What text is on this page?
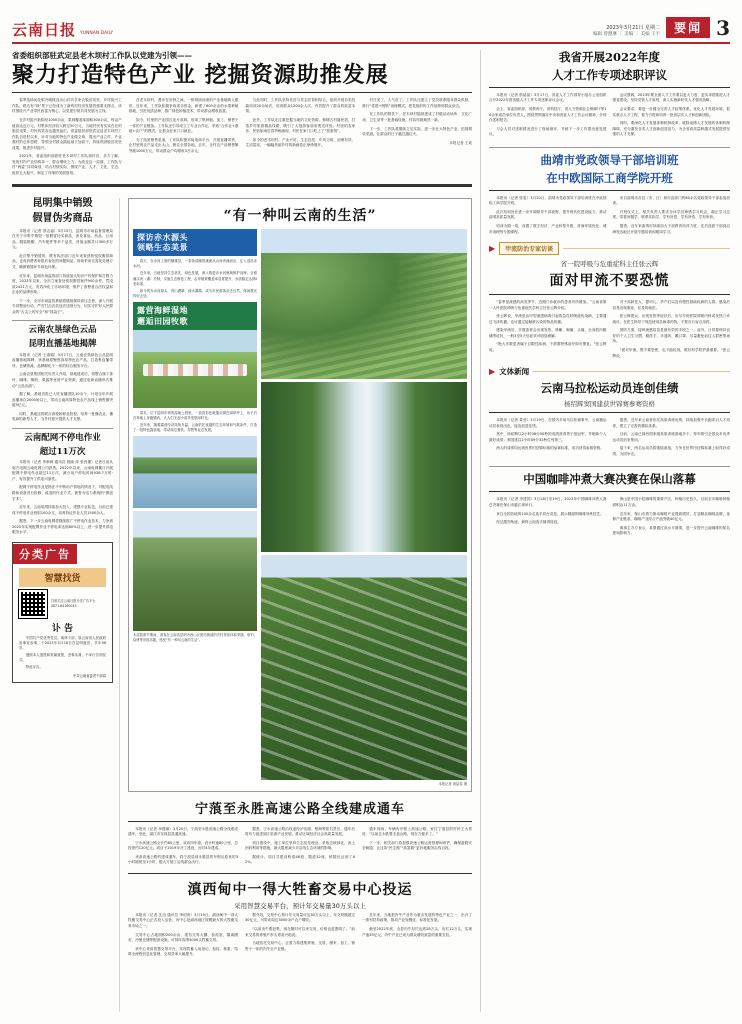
云南日报 YUNNAN DAILY
2023年3月21日 星期二
编辑 曾滟淋 ｜ 美编 ｜ 美编 王宇	要闻 3
省委组织部驻武定县老木坝村工作队以党建为引领——
聚力打造特色产业 挖掘资源助推发展

春季造绿闲花银冷暖桃连出山村共享来农脱贫攻坚，乡村振兴工作队，路边有“绿”景下已经成为了新的村经济发展的重要支撑点，该村围绕兴产业带民致富为核心，以党建引领共同发展为主线。

在乡村振兴新阶段1000余亩，果林覆盖率面积300余亩，每亩产值高达近万元，村集体经济收入跨过50万元，当地村民有实实在在的脱贫成果，村民的笑容也越发灿烂。省委组织部驻武定县老木坝村工作队自进驻以来，针对当地的特色产业做文章，提出产业立村、产业强村的总体思路，带领全村群众撸起袖子加油干，持续巩固脱贫攻坚成果，推进乡村振兴。

2021年，省委组织部派驻老木坝村工作队到村后，多方了解，发现村内产业结构单一，群众增收乏力。为改变这一局面，工作队与村“两委”共同谋划，结合村情实际，围绕产业、人才、文化、生态、组织五大振兴，制定了详细的发展规划。

在老木坝村，漫步在田野之间，一排排绿油油的产业基地映入眼帘。近年来，工作队积极争取项目资金，新建了600余亩的水果种植基地，引进优质品种，推广绿色种植技术，带动群众增收致富。

如今，村里的产业园区连片成林，形成了集种植、加工、销售于一体的产业链条。工作队还引导成立了专业合作社，采取“合作社+基地+农户”的模式，让群众在家门口就业。

为了拓宽销售渠道，工作队积极对接电商平台，开展直播带货，让村里的农产品走出大山，销往全国各地。去年，全村农产品销售额突破1000万元，带动群众户均增收3万余元。

与此同时，工作队坚持扶贫与扶志扶智相结合，组织开展各类技能培训20余场次，培训群众1200余人次，有效提升了群众的致富本领。

此外，工作队还注重挖掘当地的文化资源，修缮古村落民居，打造乡村旅游精品线路，吸引了大批游客前来观光体验。村里的农家乐、民宿如雨后春笋般涌现，村民在家门口吃上了“旅游饭”。

如今的老木坝村，产业兴旺、生态宜居、乡风文明、治理有效、生活富裕，一幅幅美丽乡村的新画卷正徐徐展开。

村庄美了，人气旺了。工作队还建立了党员联系服务群众机制，推行“党建+网格”治理模式，把党组织的工作延伸到群众身边。

在工作队的帮扶下，老木坝村陆续建成了村级活动场所、文化广场、卫生室等一批基础设施，村容村貌焕然一新。

下一步，工作队将继续立足实际，进一步壮大特色产业，拓展增收渠道，让群众的日子越过越红火。

本报记者 王欢
昆明集中销毁
假冒伪劣商品

本报讯（记者 茶志福）3月15日，昆明市市场监督管理局在安宁市集中销毁一批假冒伪劣商品，涉及食品、药品、日用品、服装鞋帽、汽车配件等多个品类，货值金额共计300多万元。

此次集中销毁的，既有执法部门近年来查获的侵权假冒商品，也有消费者举报后查处的问题商品。现场采用无害化处理方式，确保销毁环节绿色环保。

近年来，昆明市场监管部门持续加大知识产权保护和打假力度，2022年以来，全市立案查处侵权假冒案件900余件，罚没款2421万元，有效净化了市场环境，维护了消费者合法权益和企业的品牌形象。

下一步，全市市场监管系统将继续保持高压态势，深入开展专项整治行动，严厉打击各类违法违规行为，切实守护好人民群众的“舌尖上的安全”和“钱袋子”。

云南农垦绿色云品
昆明直播基地揭牌

本报讯（记者 王淑娟）3月17日，云南农垦绿色云品昆明直播基地揭牌，该基地将聚焦高原特色农产品，打造集直播带货、仓储物流、品牌孵化于一体的综合服务平台。

云南农垦集团相关负责人介绍，基地建成后，将整合旗下茶叶、咖啡、橡胶、果蔬等优势产业资源，通过电商直播形式推动“云品出滇”。

据了解，基地首批已入驻直播团队10余个，计划全年开展直播场次2000场以上，带动云南高原特色农产品线上销售额突破5亿元。

同时，基地还将联合高校和职业院校，培养一批懂农业、懂电商的新型人才，为乡村振兴提供人才支撑。

云南配网不停电作业
超过11万次

本报讯（记者 李承韩 通讯员 段晓 萍 张晋婕）记者日前从南方电网云南电网公司获悉，2022年以来，云南电网累计开展配网不停电作业超过11万次，减少用户停电时间938.7万时·户，有效提升了供电可靠性。

配网不停电作业是指在不中断用户供电的情况下，对配电线路和设备进行检修、改造的作业方式，被誉为电力系统的“微创手术”。

近年来，云南电网持续加大投入，建强专业队伍，目前已建成不停电作业班组100余支，培养持证作业人员1500余人。

据悉，下一步云南电网将继续推广不停电作业技术，力争到2025年实现配网作业不停电率达到80%以上，进一步提升供电服务水平。

分类广告
智慧找货
扫码关注云南日报分类广告平台
0871-64160045
讣 告

中国共产党优秀党员、离休干部，原云南省人民政府参事室参事，于2023年3月18日在昆明逝世，享年96岁。

遵照本人遗愿和家属意愿，丧事从简，不举行告别仪式。

特此讣告。

中共云南省委老干部局
“有一种叫云南的生活”
探访赤水源头
领略生态美景

春天，赤水河上游的镇雄县，一条条清澈的溪流从山间奔涌而出，汇入滔滔赤水河。

近年来，当地坚持生态优先、绿色发展，深入推进赤水河流域保护治理，全面落实河（湖）长制，实施生态修复工程，沿岸植被覆盖率显著提升，水质稳定达到Ⅱ类标准。

如今的赤水河源头，青山叠翠、绿水潺潺，成为市民游客亲近自然、休闲观光的好去处。

露营海鲜湿地
邂逅田园牧歌

周末，位于昆明市郊的湿地公园里，一顶顶彩色帐篷点缀在绿草坪上，孩子们在草地上奔跑嬉戏，大人们支起小桌享受悠闲时光。

近年来，随着露营经济持续升温，云南依托优越的生态环境和气候条件，打造了一批特色露营地，带动周边餐饮、零售等业态发展。

本届旅游节期间，游客在云南省昆明市西山区团结街道的乡村民宿体验采摘、垂钓、烧烤等田园乐趣，感受“有一种叫云南的生活”。
本报记者 黄喆春 摄
宁蒗至永胜高速公路全线建成通车

本报讯（记者 李捷瑜）3月20日，宁蒗至永胜高速公路全线建成通车，至此，丽江市实现县县通高速。

宁永高速公路全长约80公里，双向四车道，设计时速80公里，总投资约120亿元。项目于2019年开工建设，历时4年建成。

该条高速公路的建成通车，将宁蒗县到永胜县的车程从原来的3小时缩短至1小时，极大方便了沿线群众出行。

据悉，宁永高速公路沿线途经泸沽湖、程海等知名景区，通车后将有力促进丽江旅游产业发展，推动区域经济社会高质量发展。

项目建设中，施工单位坚持生态优先理念，采取边坡绿化、表土回收利用等措施，最大限度减少对沿线生态环境的影响。

据统计，项目共建设桥梁48座、隧道12座，桥隧比达到了62%。

通车现场，车辆有序驶上高速公路。家住宁蒗县的村民王大哥说：“以前去永胜要走盘山路，现在方便多了。”

下一步，相关部门将加强高速公路运营管理和养护，确保道路安全畅通，让这条“民生路”“致富路”更好地服务沿线百姓。

滇西甸中一得大牲畜交易中心投运
采用智慧交易平台，预计年交易量30万头以上

本报讯（记者 沈迅 通讯员 李绍贵）3月19日，滇西甸中一得大牲畜交易中心正式投入运营，该中心是滇西地区规模最大的大牲畜交易市场之一。

交易中心占地面积200余亩，建有交易大棚、检疫室、隔离圈舍、冷链仓储等配套设施，可同时容纳5000头牲畜交易。

该中心采用智慧交易平台，实现牲畜入场登记、检疫、称重、结算全流程信息化管理，交易效率大幅提升。

据介绍，交易中心预计年交易量可达30万头以上，年交易额超过30亿元，可带动周边3000余户农户增收。

“以前卖牛要赶集，现在随时可以来交易，价格也更透明了。”前来交易的养殖户李大哥高兴地说。

当地依托交易中心，正着力构建集养殖、交易、屠宰、加工、销售于一体的肉牛全产业链。

近年来，当地把肉牛产业作为重点发展的特色产业之一，出台了一系列扶持政策，推动产业规模化、标准化发展。

截至2022年底，全县肉牛存栏达到28万头，出栏12万头，实现产值35亿元，肉牛产业已成为群众增收致富的重要支柱。

我省开展2022年度
人才工作专项述职评议

本报讯（记者 郎晶晶）3月17日，省委人才工作领导小组办公室组织召开2022年度省级人才工作专项述职评议会议。

会上，省委组织部、省教育厅、省科技厅、省人力资源社会保障厅等10余家成员单位负责人，围绕贯彻落实中央和省委人才工作会议精神，分别作述职报告。

与会人员对述职情况进行了现场测评，并就下一步工作提出意见建议。

会议强调，2023年要全面人才工作要以更大力度、更实举措推进人才强省建设，坚持党管人才原则，深入实施新时代人才强省战略。

会议要求，要进一步健全完善人才政策体系，优化人才发展环境，抓实重点人才工程，着力引进和培养一批高层次人才和创新团队。

同时，要深化人才发展体制机制改革，破除束缚人才发展的体制机制障碍，充分激发各类人才创新创造活力，为全省高质量跨越式发展提供坚强的人才支撑。

曲靖市党政领导干部培训班
在中欧国际工商学院开班

本报讯（记者 张雯）3月20日，曲靖市党政领导干部培训班在中欧国际工商学院开班。

此次培训旨在进一步开阔领导干部视野，提升现代化建设能力，推动曲靖高质量发展。

培训为期一周，设置了数字经济、产业转型升级、营商环境优化、城市治理等专题课程。

来自曲靖市各县（市、区）和市直部门的60余名党政领导干部参加培训。

开班仪式上，相关负责人要求全体学员珍惜学习机会，端正学习态度，带着问题学、联系实际学，学有所思、学有所悟、学有所获。

据悉，近年来曲靖市持续加大干部教育培训力度，先后选派干部到沿海发达地区开展专题培训和跟岗学习。

▶	甲流防治专家访谈
省一院呼吸与危重症科主任张云辉
面对甲流不要恐慌

“春季是流感的高发季节，近期门诊就诊的患者有所增加。”云南省第一人民医院呼吸与危重症医学科主任张云辉介绍。

张云辉说，甲流是由甲型流感病毒引起的急性呼吸道传染病，主要通过飞沫传播，也可通过接触被污染的物品传播。

感染甲流后，多数患者会出现发热、咳嗽、咽痛、头痛、全身肌肉酸痛等症状，一般3至5天后症状可明显缓解。

“绝大多数患者属于自限性疾病，不需要特殊治疗即可康复。”张云辉说。

对于高龄老人、婴幼儿、孕产妇以及有慢性基础疾病的人群，感染后容易出现重症，应及时就医。

张云辉建议，出现发热等症状后，应尽早到医院呼吸内科或发热门诊就诊，在医生指导下规范使用抗病毒药物，不要自行盲目用药。

预防方面，接种流感疫苗是最有效的手段之一。此外，日常要保持良好的个人卫生习惯，勤洗手、多通风、戴口罩，尽量避免前往人群密集场所。

“面对甲流，既不要恐慌，也不能轻视，做好科学防护最重要。”张云辉说。

▶ 文体新闻
云南马拉松运动员连创佳绩
杨绍辉窦国建获世锦赛参赛资格

本报讯（记者 娄莹）3月19日，在国内多场马拉松赛事中，云南籍运动员表现出色，接连创造佳绩。

其中，杨绍辉以2小时08分50秒的成绩获得男子组冠军，并刷新个人最好成绩；窦国建以2小时09分32秒位列第三。

两人的成绩均达到世界田径锦标赛的参赛标准，成功获得参赛资格。

据悉，近年来云南省依托高原训练优势，持续加强中长跑项目人才培养，建立了完善的梯队体系。

目前，云南已拥有国家级高原训练基地多个，每年吸引全国众多优秀运动员前来集训。

接下来，两名运动员将继续备战，力争在世界田径锦标赛上取得好成绩，为国争光。

中国咖啡冲煮大赛决赛在保山落幕

本报讯（记者 李建国）3月18日至19日，2023年中国咖啡冲煮大赛总决赛在保山市潞江坝举行。

来自全国各地的100余名选手同台竞技，展示精湛的咖啡冲煮技艺。

经过激烈角逐，最终云南选手摘得桂冠。

保山是中国小粒咖啡的重要产区，种植历史悠久，目前全市咖啡种植面积达11万亩。

近年来，保山市着力推动咖啡产业提质增效，打造精品咖啡品牌，延伸产业链条，咖啡产业综合产值突破40亿元。

赛事主办方表示，希望通过高水平赛事，进一步提升云南咖啡的知名度和影响力。
